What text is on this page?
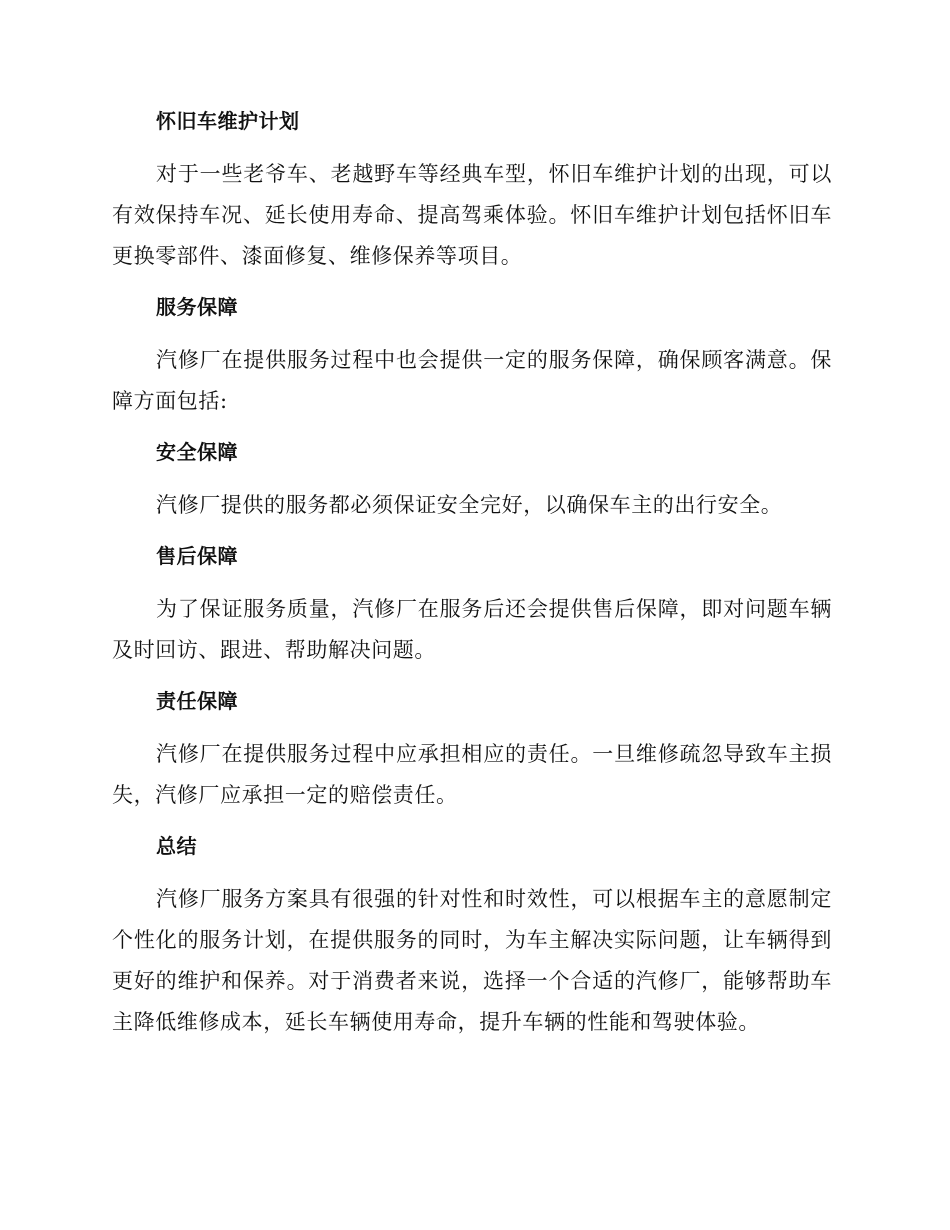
怀旧车维护计划

对于一些老爷车、老越野车等经典车型，怀旧车维护计划的出现，可以有效保持车况、延长使用寿命、提高驾乘体验。怀旧车维护计划包括怀旧车更换零部件、漆面修复、维修保养等项目。

服务保障

汽修厂在提供服务过程中也会提供一定的服务保障，确保顾客满意。保障方面包括:

安全保障

汽修厂提供的服务都必须保证安全完好，以确保车主的出行安全。

售后保障

为了保证服务质量，汽修厂在服务后还会提供售后保障，即对问题车辆及时回访、跟进、帮助解决问题。

责任保障

汽修厂在提供服务过程中应承担相应的责任。一旦维修疏忽导致车主损失，汽修厂应承担一定的赔偿责任。

总结

汽修厂服务方案具有很强的针对性和时效性，可以根据车主的意愿制定个性化的服务计划，在提供服务的同时，为车主解决实际问题，让车辆得到更好的维护和保养。对于消费者来说，选择一个合适的汽修厂，能够帮助车主降低维修成本，延长车辆使用寿命，提升车辆的性能和驾驶体验。
